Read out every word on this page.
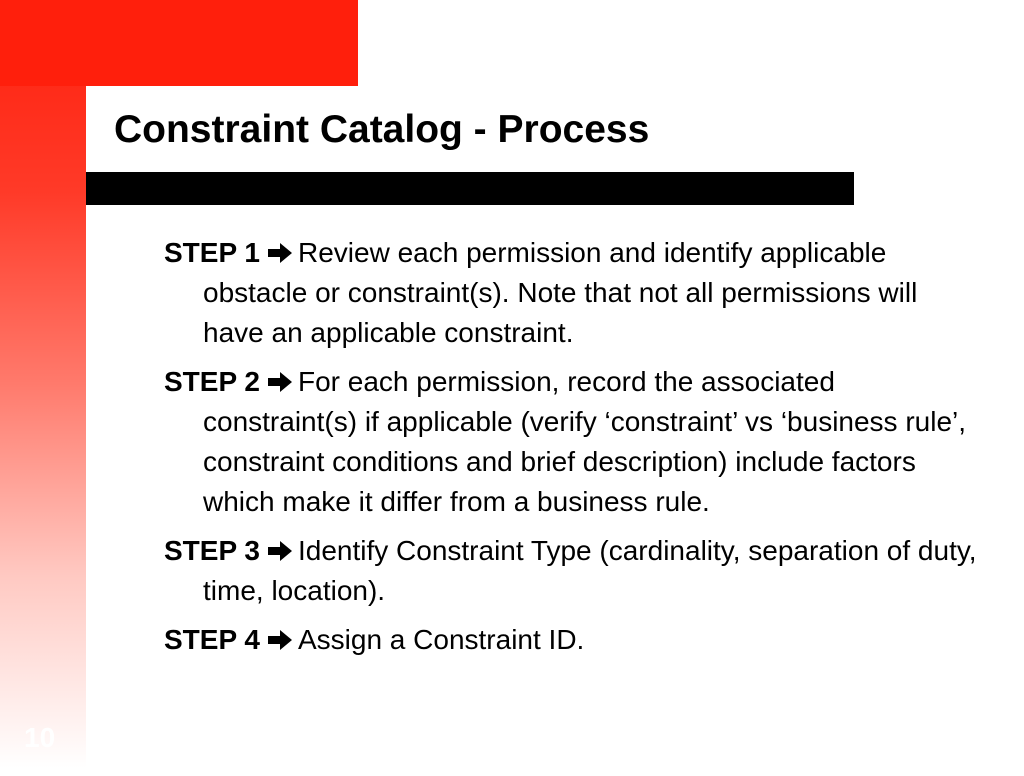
Constraint Catalog - Process

STEP 1 Review each permission and identify applicable obstacle or constraint(s). Note that not all permissions will have an applicable constraint.

STEP 2 For each permission, record the associated constraint(s) if applicable (verify ‘constraint’ vs ‘business rule’, constraint conditions and brief description) include factors which make it differ from a business rule.

STEP 3 Identify Constraint Type (cardinality, separation of duty, time, location).

STEP 4 Assign a Constraint ID.

10
